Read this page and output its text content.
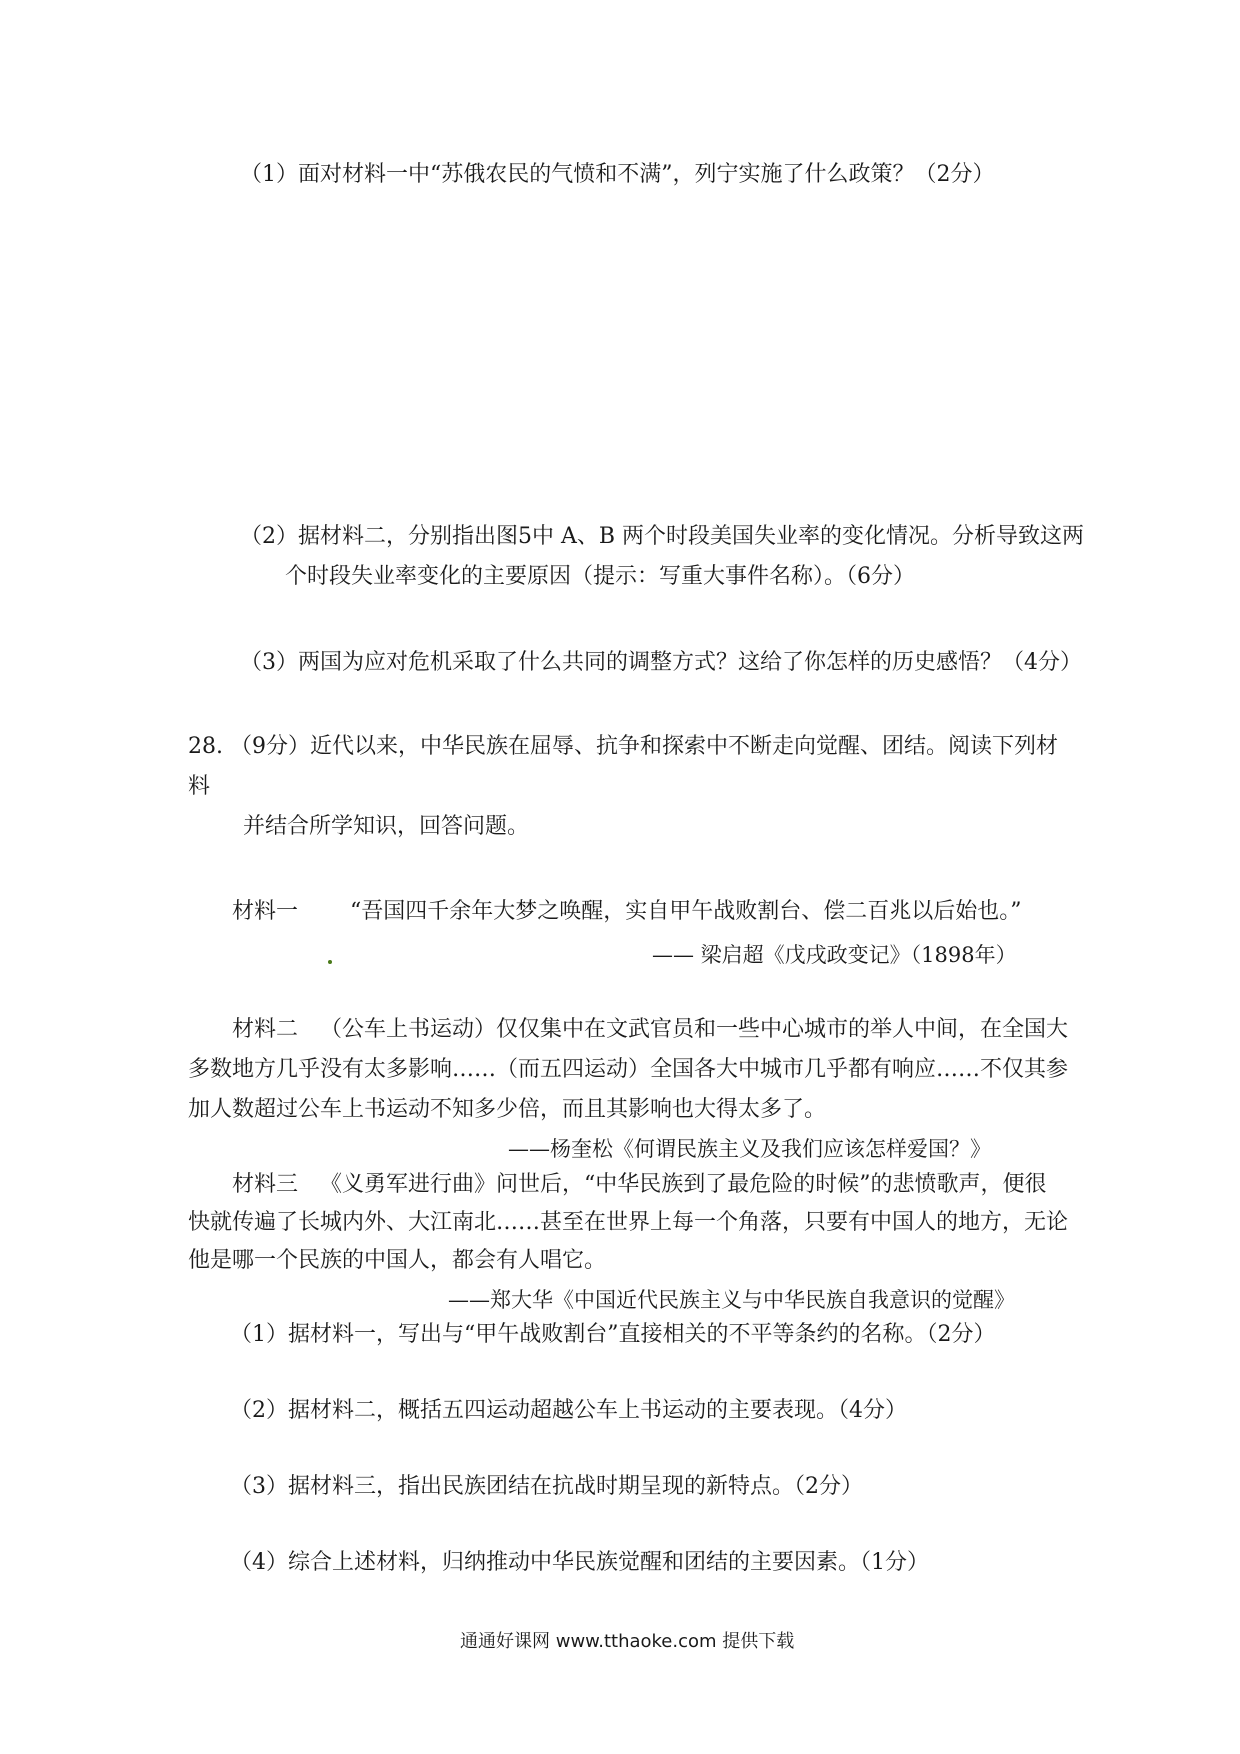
（1）面对材料一中“苏俄农民的气愤和不满”，列宁实施了什么政策？（2分）
（2）据材料二，分别指出图5中 A、B 两个时段美国失业率的变化情况。分析导致这两
个时段失业率变化的主要原因（提示：写重大事件名称）。（6分）
（3）两国为应对危机采取了什么共同的调整方式？这给了你怎样的历史感悟？（4分）
28. （9分）近代以来，中华民族在屈辱、抗争和探索中不断走向觉醒、团结。阅读下列材
料
并结合所学知识，回答问题。
材料一 “吾国四千余年大梦之唤醒，实自甲午战败割台、偿二百兆以后始也。”
—— 梁启超《戊戌政变记》（1898年）
材料二 （公车上书运动）仅仅集中在文武官员和一些中心城市的举人中间，在全国大
多数地方几乎没有太多影响……（而五四运动）全国各大中城市几乎都有响应……不仅其参
加人数超过公车上书运动不知多少倍，而且其影响也大得太多了。
——杨奎松《何谓民族主义及我们应该怎样爱国？》
材料三 《义勇军进行曲》问世后，“中华民族到了最危险的时候”的悲愤歌声，便很
快就传遍了长城内外、大江南北……甚至在世界上每一个角落，只要有中国人的地方，无论
他是哪一个民族的中国人，都会有人唱它。
——郑大华《中国近代民族主义与中华民族自我意识的觉醒》
（1）据材料一，写出与“甲午战败割台”直接相关的不平等条约的名称。（2分）
（2）据材料二，概括五四运动超越公车上书运动的主要表现。（4分）
（3）据材料三，指出民族团结在抗战时期呈现的新特点。（2分）
（4）综合上述材料，归纳推动中华民族觉醒和团结的主要因素。（1分）
通通好课网 www.tthaoke.com 提供下载
